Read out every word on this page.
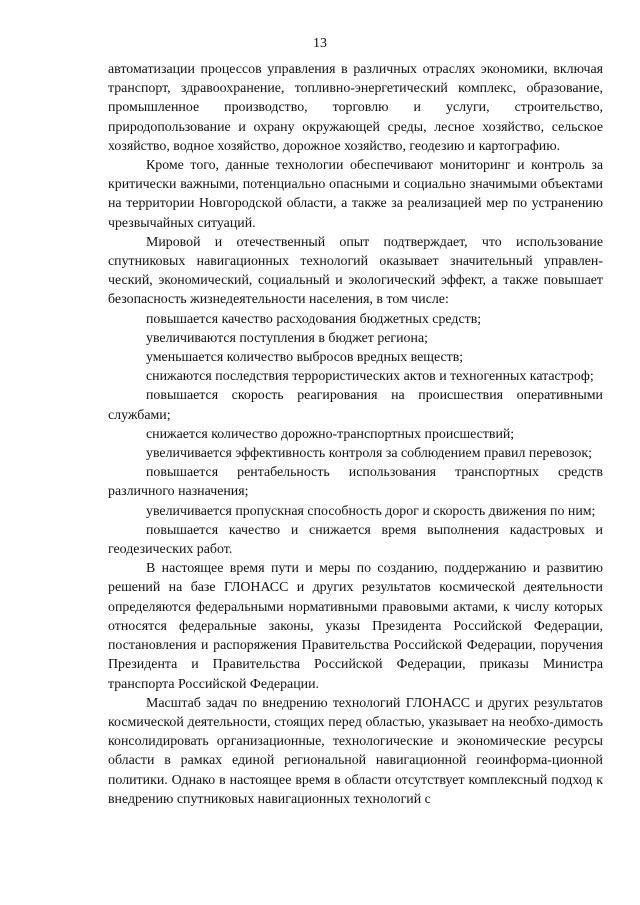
13

автоматизации процессов управления в различных отраслях экономики, включая транспорт, здравоохранение, топливно-энергетический комплекс, образование, промышленное производство, торговлю и услуги, строительство, природопользование и охрану окружающей среды, лесное хозяйство, сельское хозяйство, водное хозяйство, дорожное хозяйство, геодезию и картографию.

Кроме того, данные технологии обеспечивают мониторинг и контроль за критически важными, потенциально опасными и социально значимыми объектами на территории Новгородской области, а также за реализацией мер по устранению чрезвычайных ситуаций.

Мировой и отечественный опыт подтверждает, что использование спутниковых навигационных технологий оказывает значительный управлен-ческий, экономический, социальный и экологический эффект, а также повышает безопасность жизнедеятельности населения, в том числе:

повышается качество расходования бюджетных средств;

увеличиваются поступления в бюджет региона;

уменьшается количество выбросов вредных веществ;

снижаются последствия террористических актов и техногенных катастроф;

повышается скорость реагирования на происшествия оперативными службами;

снижается количество дорожно-транспортных происшествий;

увеличивается эффективность контроля за соблюдением правил перевозок;

повышается рентабельность использования транспортных средств различного назначения;

увеличивается пропускная способность дорог и скорость движения по ним;

повышается качество и снижается время выполнения кадастровых и геодезических работ.

В настоящее время пути и меры по созданию, поддержанию и развитию решений на базе ГЛОНАСС и других результатов космической деятельности определяются федеральными нормативными правовыми актами, к числу которых относятся федеральные законы, указы Президента Российской Федерации, постановления и распоряжения Правительства Российской Федерации, поручения Президента и Правительства Российской Федерации, приказы Министра транспорта Российской Федерации.

Масштаб задач по внедрению технологий ГЛОНАСС и других результатов космической деятельности, стоящих перед областью, указывает на необхо-димость консолидировать организационные, технологические и экономические ресурсы области в рамках единой региональной навигационной геоинформа-ционной политики. Однако в настоящее время в области отсутствует комплексный подход к внедрению спутниковых навигационных технологий с
